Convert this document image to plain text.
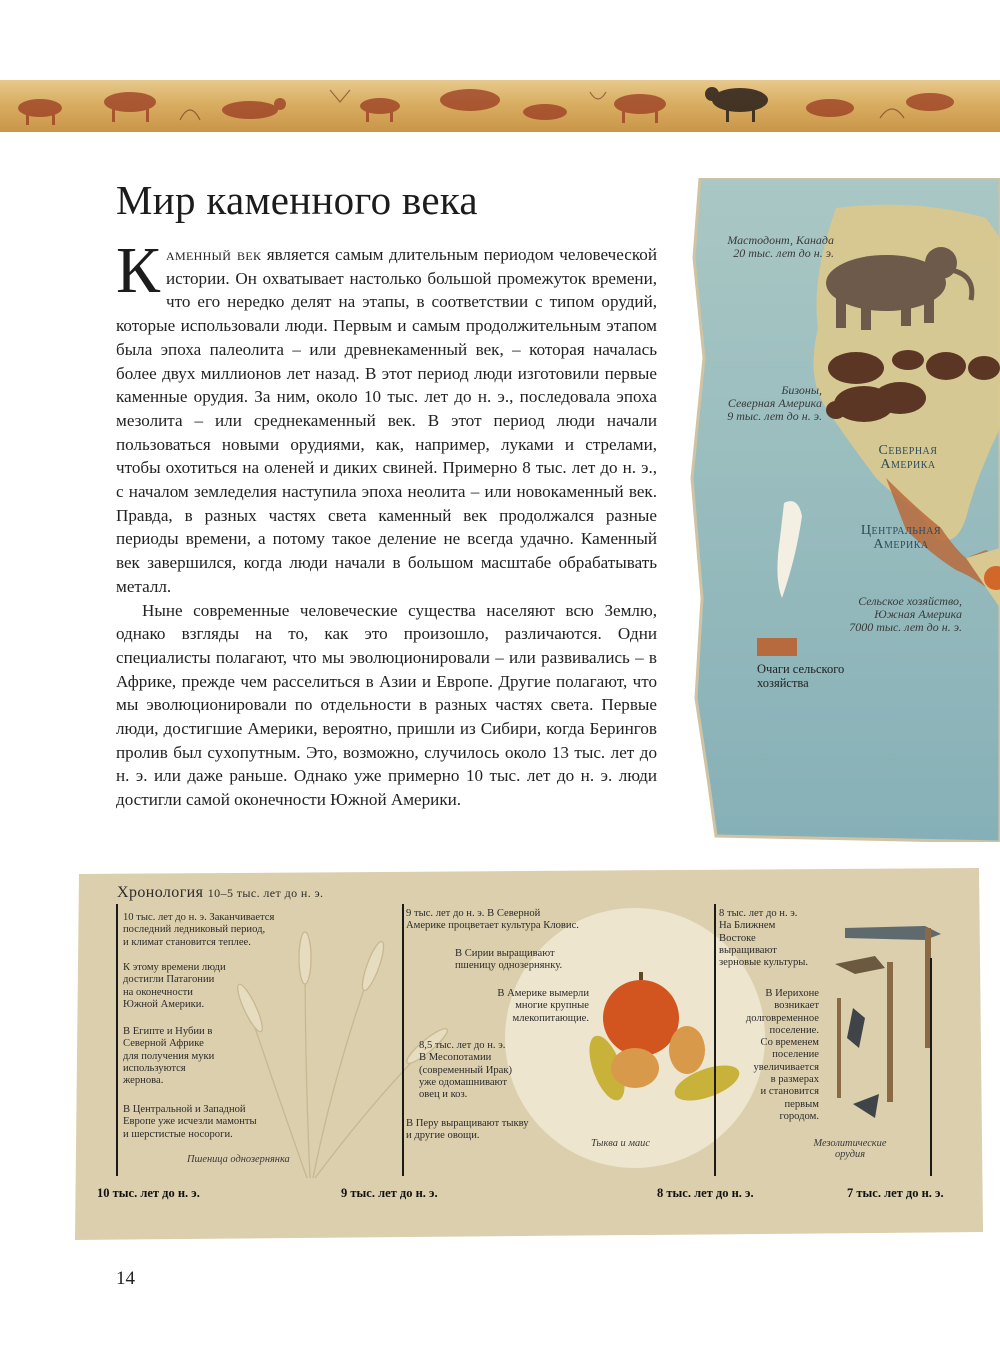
Мир каменного века

Каменный век является самым длительным периодом человеческой истории. Он охватывает настолько большой промежуток времени, что его нередко делят на этапы, в соответствии с типом орудий, которые использовали люди. Первым и самым продолжительным этапом была эпоха палеолита – или древнекаменный век, – которая началась более двух миллионов лет назад. В этот период люди изготовили первые каменные орудия. За ним, около 10 тыс. лет до н. э., последовала эпоха мезолита – или среднекаменный век. В этот период люди начали пользоваться новыми орудиями, как, например, луками и стрелами, чтобы охотиться на оленей и диких свиней. Примерно 8 тыс. лет до н. э., с началом земледелия наступила эпоха неолита – или новокаменный век. Правда, в разных частях света каменный век продолжался разные периоды времени, а потому такое деление не всегда удачно. Каменный век завершился, когда люди начали в большом масштабе обрабатывать металл.

Ныне современные человеческие существа населяют всю Землю, однако взгляды на то, как это произошло, различаются. Одни специалисты полагают, что мы эволюционировали – или развивались – в Африке, прежде чем расселиться в Азии и Европе. Другие полагают, что мы эволюционировали по отдельности в разных частях света. Первые люди, достигшие Америки, вероятно, пришли из Сибири, когда Берингов пролив был сухопутным. Это, возможно, случилось около 13 тыс. лет до н. э. или даже раньше. Однако уже примерно 10 тыс. лет до н. э. люди достигли самой оконечности Южной Америки.

Мастодонт, Канада
20 тыс. лет до н. э.
Бизоны,
Северная Америка
9 тыс. лет до н. э.
Северная
Америка
Центральная
Америка
Сельское хозяйство,
Южная Америка
7000 тыс. лет до н. э.
Очаги сельского
хозяйства
Хронология 10–5 тыс. лет до н. э.
10 тыс. лет до н. э. Заканчивается
последний ледниковый период,
и климат становится теплее.
К этому времени люди
достигли Патагонии
на оконечности
Южной Америки.
В Египте и Нубии в
Северной Африке
для получения муки
используются
жернова.
В Центральной и Западной
Европе уже исчезли мамонты
и шерстистые носороги.
Пшеница однозернянка
9 тыс. лет до н. э. В Северной
Америке процветает культура Кловис.
В Сирии выращивают
пшеницу однозернянку.
В Америке вымерли
многие крупные
млекопитающие.
8,5 тыс. лет до н. э.
В Месопотамии
(современный Ирак)
уже одомашнивают
овец и коз.
В Перу выращивают тыкву
и другие овощи.
Тыква и маис
8 тыс. лет до н. э.
На Ближнем
Востоке
выращивают
зерновые культуры.
В Иерихоне
возникает
долговременное
поселение.
Со временем
поселение
увеличивается
в размерах
и становится
первым
городом.
Мезолитические
орудия
10 тыс. лет до н. э.	9 тыс. лет до н. э.	8 тыс. лет до н. э.	7 тыс. лет до н. э.
14
